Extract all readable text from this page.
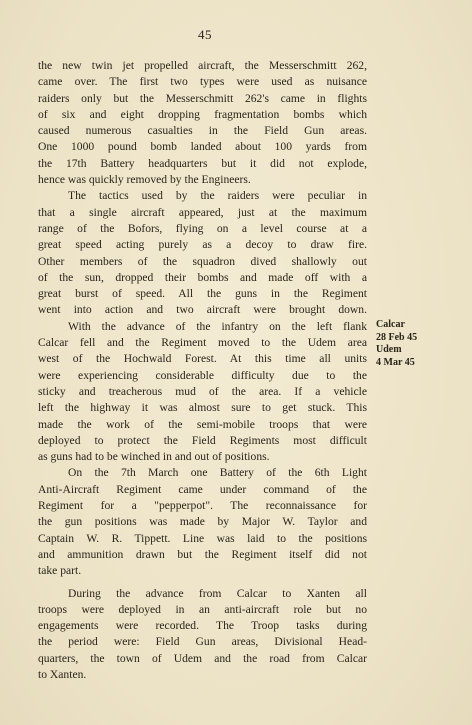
45
the new twin jet propelled aircraft, the Messerschmitt 262,
came over. The first two types were used as nuisance
raiders only but the Messerschmitt 262's came in flights
of six and eight dropping fragmentation bombs which
caused numerous casualties in the Field Gun areas.
One 1000 pound bomb landed about 100 yards from
the 17th Battery headquarters but it did not explode,
hence was quickly removed by the Engineers.
The tactics used by the raiders were peculiar in
that a single aircraft appeared, just at the maximum
range of the Bofors, flying on a level course at a
great speed acting purely as a decoy to draw fire.
Other members of the squadron dived shallowly out
of the sun, dropped their bombs and made off with a
great burst of speed. All the guns in the Regiment
went into action and two aircraft were brought down.
With the advance of the infantry on the left flank
Calcar fell and the Regiment moved to the Udem area
west of the Hochwald Forest. At this time all units
were experiencing considerable difficulty due to the
sticky and treacherous mud of the area. If a vehicle
left the highway it was almost sure to get stuck. This
made the work of the semi-mobile troops that were
deployed to protect the Field Regiments most difficult
as guns had to be winched in and out of positions.
On the 7th March one Battery of the 6th Light
Anti-Aircraft Regiment came under command of the
Regiment for a "pepperpot". The reconnaissance for
the gun positions was made by Major W. Taylor and
Captain W. R. Tippett. Line was laid to the positions
and ammunition drawn but the Regiment itself did not
take part.
During the advance from Calcar to Xanten all
troops were deployed in an anti-aircraft role but no
engagements were recorded. The Troop tasks during
the period were: Field Gun areas, Divisional Head-
quarters, the town of Udem and the road from Calcar
to Xanten.
Calcar
28 Feb 45
Udem
4 Mar 45
